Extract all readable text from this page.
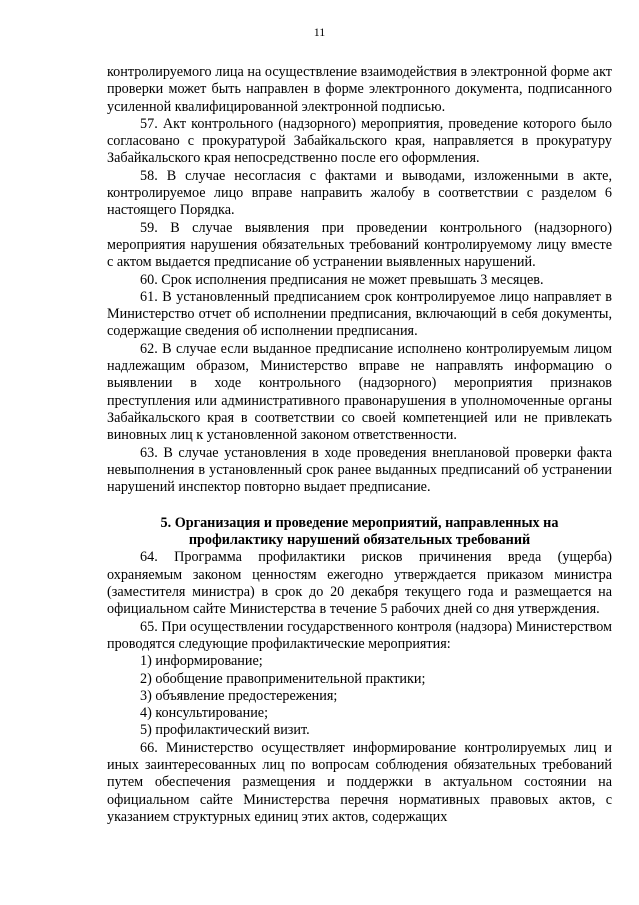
11

контролируемого лица на осуществление взаимодействия в электронной форме акт проверки может быть направлен в форме электронного документа, подписанного усиленной квалифицированной электронной подписью.

57. Акт контрольного (надзорного) мероприятия, проведение которого было согласовано с прокуратурой Забайкальского края, направляется в прокуратуру Забайкальского края непосредственно после его оформления.

58. В случае несогласия с фактами и выводами, изложенными в акте, контролируемое лицо вправе направить жалобу в соответствии с разделом 6 настоящего Порядка.

59. В случае выявления при проведении контрольного (надзорного) мероприятия нарушения обязательных требований контролируемому лицу вместе с актом выдается предписание об устранении выявленных нарушений.

60. Срок исполнения предписания не может превышать 3 месяцев.

61. В установленный предписанием срок контролируемое лицо направляет в Министерство отчет об исполнении предписания, включающий в себя документы, содержащие сведения об исполнении предписания.

62. В случае если выданное предписание исполнено контролируемым лицом надлежащим образом, Министерство вправе не направлять информацию о выявлении в ходе контрольного (надзорного) мероприятия признаков преступления или административного правонарушения в уполномоченные органы Забайкальского края в соответствии со своей компетенцией или не привлекать виновных лиц к установленной законом ответственности.

63. В случае установления в ходе проведения внеплановой проверки факта невыполнения в установленный срок ранее выданных предписаний об устранении нарушений инспектор повторно выдает предписание.

5. Организация и проведение мероприятий, направленных на
профилактику нарушений обязательных требований

64. Программа профилактики рисков причинения вреда (ущерба) охраняемым законом ценностям ежегодно утверждается приказом министра (заместителя министра) в срок до 20 декабря текущего года и размещается на официальном сайте Министерства в течение 5 рабочих дней со дня утверждения.

65. При осуществлении государственного контроля (надзора) Министерством проводятся следующие профилактические мероприятия:

1) информирование;
2) обобщение правоприменительной практики;
3) объявление предостережения;
4) консультирование;
5) профилактический визит.

66. Министерство осуществляет информирование контролируемых лиц и иных заинтересованных лиц по вопросам соблюдения обязательных требований путем обеспечения размещения и поддержки в актуальном состоянии на официальном сайте Министерства перечня нормативных правовых актов, с указанием структурных единиц этих актов, содержащих
